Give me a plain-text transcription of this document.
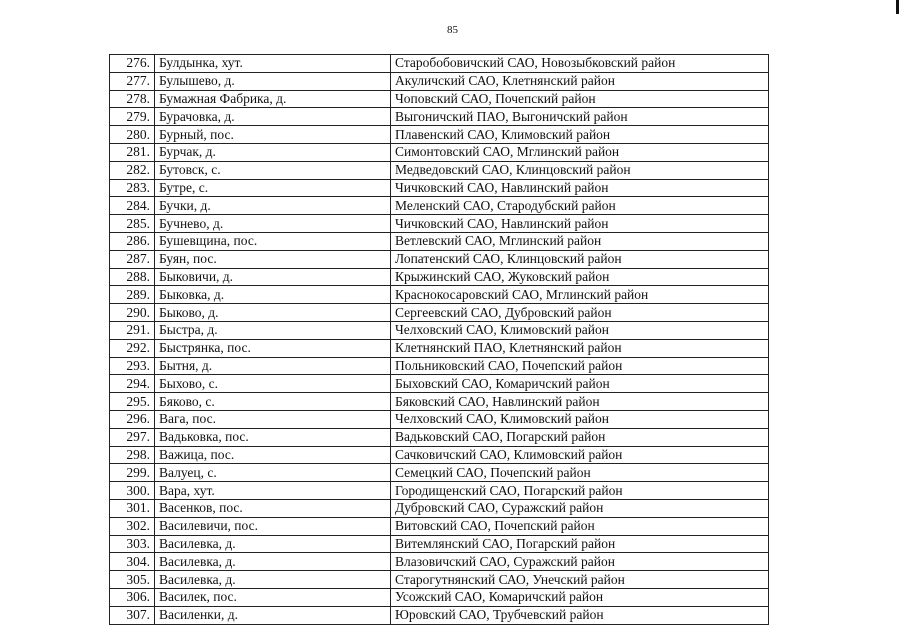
85
276.	Булдынка, хут.	Старобобовичский САО, Новозыбковский район
277.	Булышево, д.	Акуличский САО, Клетнянский район
278.	Бумажная Фабрика, д.	Чоповский САО, Почепский район
279.	Бурачовка, д.	Выгоничский ПАО, Выгоничский район
280.	Бурный, пос.	Плавенский САО, Климовский район
281.	Бурчак, д.	Симонтовский САО, Мглинский район
282.	Бутовск, с.	Медведовский САО, Клинцовский район
283.	Бутре, с.	Чичковский САО, Навлинский район
284.	Бучки, д.	Меленский САО, Стародубский район
285.	Бучнево, д.	Чичковский САО, Навлинский район
286.	Бушевщина, пос.	Ветлевский САО, Мглинский район
287.	Буян, пос.	Лопатенский САО, Клинцовский район
288.	Быковичи, д.	Крыжинский САО, Жуковский район
289.	Быковка, д.	Краснокосаровский САО, Мглинский район
290.	Быково, д.	Сергеевский САО, Дубровский район
291.	Быстра, д.	Челховский САО, Климовский район
292.	Быстрянка, пос.	Клетнянский ПАО, Клетнянский район
293.	Бытня, д.	Польниковский САО, Почепский район
294.	Быхово, с.	Быховский САО, Комаричский район
295.	Бяково, с.	Бяковский САО, Навлинский район
296.	Вага, пос.	Челховский САО, Климовский район
297.	Вадьковка, пос.	Вадьковский САО, Погарский район
298.	Важица, пос.	Сачковичский САО, Климовский район
299.	Валуец, с.	Семецкий САО, Почепский район
300.	Вара, хут.	Городищенский САО, Погарский район
301.	Васенков, пос.	Дубровский САО, Суражский район
302.	Василевичи, пос.	Витовский САО, Почепский район
303.	Василевка, д.	Витемлянский САО, Погарский район
304.	Василевка, д.	Влазовичский САО, Суражский район
305.	Василевка, д.	Старогутнянский САО, Унечский район
306.	Василек, пос.	Усожский САО, Комаричский район
307.	Василенки, д.	Юровский САО, Трубчевский район
